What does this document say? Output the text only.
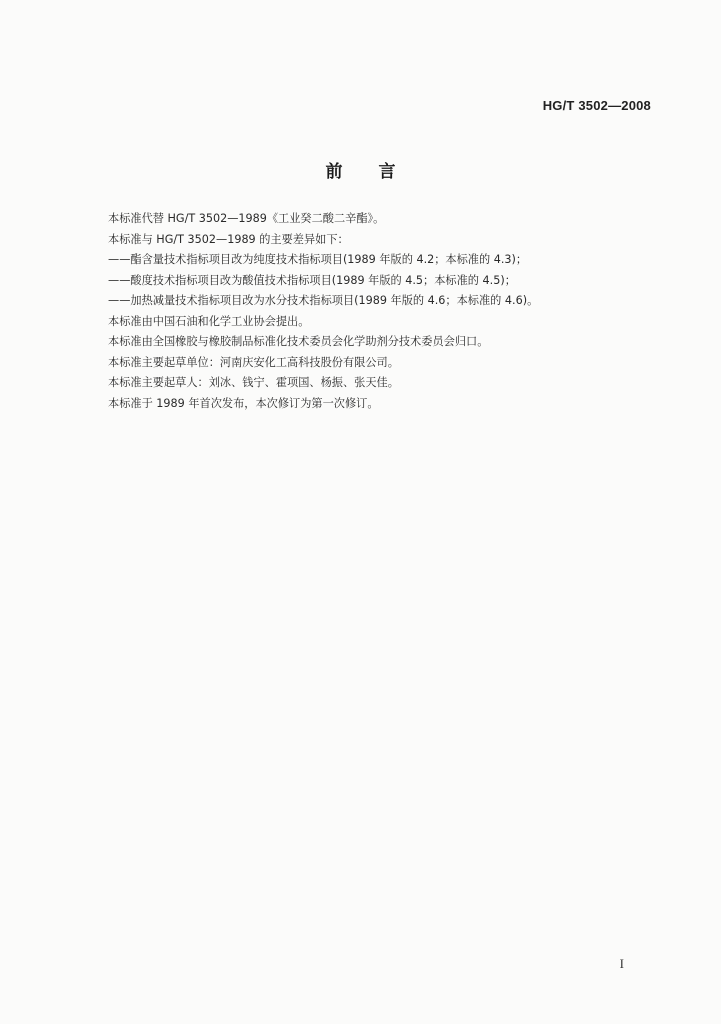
HG/T 3502—2008
前言
本标准代替 HG/T 3502—1989《工业癸二酸二辛酯》。
本标准与 HG/T 3502—1989 的主要差异如下：
——酯含量技术指标项目改为纯度技术指标项目(1989 年版的 4.2；本标准的 4.3)；
——酸度技术指标项目改为酸值技术指标项目(1989 年版的 4.5；本标准的 4.5)；
——加热减量技术指标项目改为水分技术指标项目(1989 年版的 4.6；本标准的 4.6)。
本标准由中国石油和化学工业协会提出。
本标准由全国橡胶与橡胶制品标准化技术委员会化学助剂分技术委员会归口。
本标准主要起草单位：河南庆安化工高科技股份有限公司。
本标准主要起草人：刘冰、钱宁、霍项国、杨振、张天佳。
本标准于 1989 年首次发布，本次修订为第一次修订。
I
